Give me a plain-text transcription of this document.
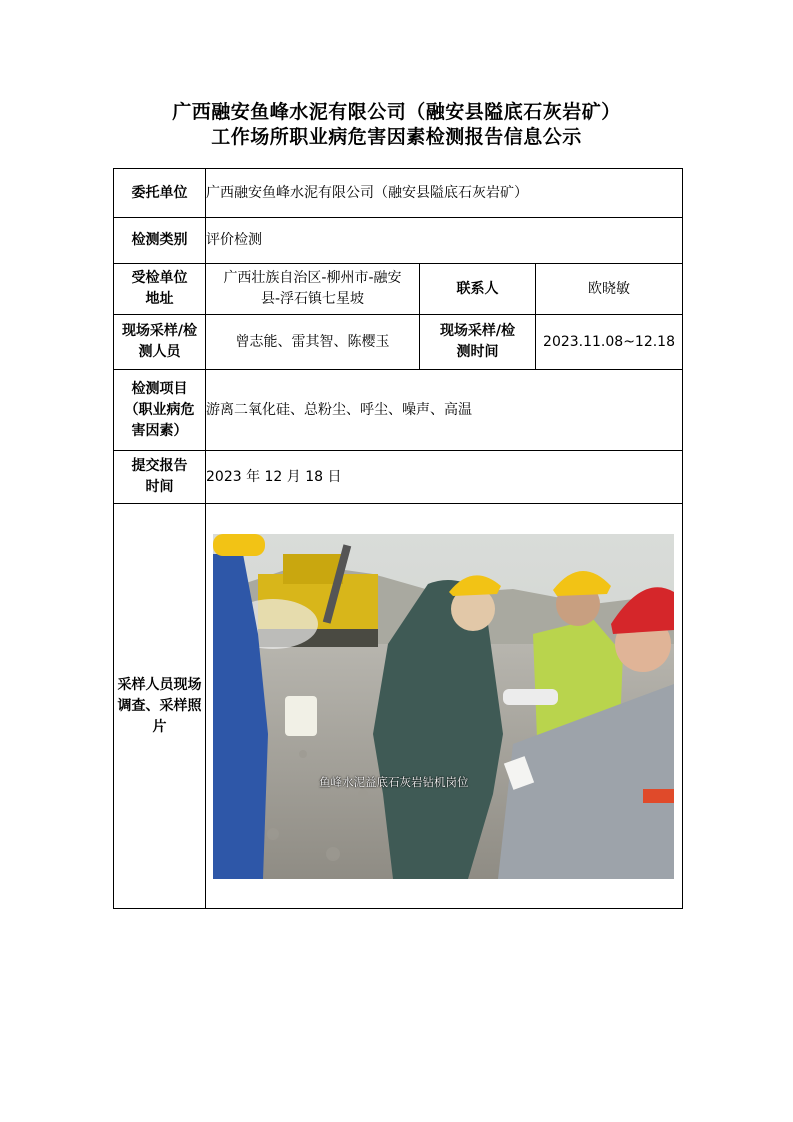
广西融安鱼峰水泥有限公司（融安县隘底石灰岩矿）
工作场所职业病危害因素检测报告信息公示
委托单位	广西融安鱼峰水泥有限公司（融安县隘底石灰岩矿）		
检测类别	评价检测		
受检单位地址	广西壮族自治区-柳州市-融安县-浮石镇七星坡	联系人	欧晓敏
现场采样/检测人员	曾志能、雷其智、陈樱玉	现场采样/检测时间	2023.11.08~12.18
检测项目（职业病危害因素）	游离二氧化硅、总粉尘、呼尘、噪声、高温		
提交报告时间	2023 年 12 月 18 日		
采样人员现场调查、采样照片	鱼峰水泥益底石灰岩钻机岗位		
